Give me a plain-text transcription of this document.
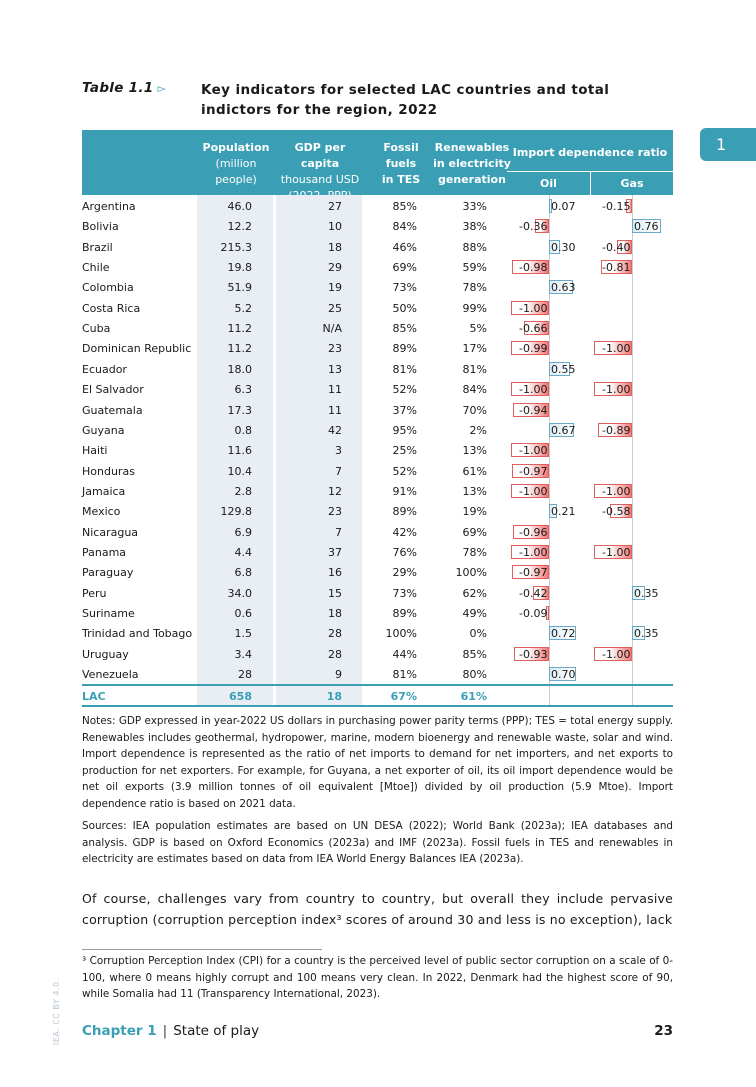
Table 1.1 ▻	Key indicators for selected LAC countries and total indictors for the region, 2022
1
Population
(million
people)
GDP per capita
thousand USD
Fossil
fuels
in TES
Renewables
in electricity
generation
Import dependence ratio
Oil	Gas
Argentina	46.0	27	85%	33%	0.07 -0.15
Bolivia	12.2	10	84%	38%	-0.36	0.76
Brazil	215.3	18	46%	88%	0.30 -0.40
Chile	19.8	29	69%	59%	-0.98	-0.81
Colombia	51.9	19	73%	78%	0.63
Costa Rica	5.2	25	50%	99%	-1.00
Cuba	11.2	N/A	85%	5%	-0.66
Dominican Republic	11.2	23	89%	17%	-0.99	-1.00
Ecuador	18.0	13	81%	81%	0.55
El Salvador	6.3	11	52%	84%	-1.00	-1.00
Guatemala	17.3	11	37%	70%	-0.94
Guyana	0.8	42	95%	2%	0.67 -0.89
Haiti	11.6	3	25%	13%	-1.00
Honduras	10.4	7	52%	61%	-0.97
Jamaica	2.8	12	91%	13%	-1.00	-1.00
Mexico	129.8	23	89%	19%	0.21 -0.58
Nicaragua	6.9	7	42%	69%	-0.96
Panama	4.4	37	76%	78%	-1.00	-1.00
Paraguay	6.8	16	29%	100%	-0.97
Peru	34.0	15	73%	62%	-0.42	0.35
Suriname	0.6	18	89%	49%	-0.09
Trinidad and Tobago	1.5	28	100%	0%	0.72	0.35
Uruguay	3.4	28	44%	85%	-0.93	-1.00
Venezuela	28	9	81%	80%	0.70
LAC	658	18	67%	61%
Notes: GDP expressed in year-2022 US dollars in purchasing power parity terms (PPP); TES = total energy supply. Renewables includes geothermal, hydropower, marine, modern bioenergy and renewable waste, solar and wind. Import dependence is represented as the ratio of net imports to demand for net importers, and net exports to production for net exporters. For example, for Guyana, a net exporter of oil, its oil import dependence would be net oil exports (3.9 million tonnes of oil equivalent [Mtoe]) divided by oil production (5.9 Mtoe). Import dependence ratio is based on 2021 data.
Sources: IEA population estimates are based on UN DESA (2022); World Bank (2023a); IEA databases and analysis. GDP is based on Oxford Economics (2023a) and IMF (2023a). Fossil fuels in TES and renewables in electricity are estimates based on data from IEA World Energy Balances IEA (2023a).
Of course, challenges vary from country to country, but overall they include pervasive corruption (corruption perception index³ scores of around 30 and less is no exception), lack
³ Corruption Perception Index (CPI) for a country is the perceived level of public sector corruption on a scale of 0-100, where 0 means highly corrupt and 100 means very clean. In 2022, Denmark had the highest score of 90, while Somalia had 11 (Transparency International, 2023).
IEA. CC BY 4.0. Chapter 1 | State of play	23
